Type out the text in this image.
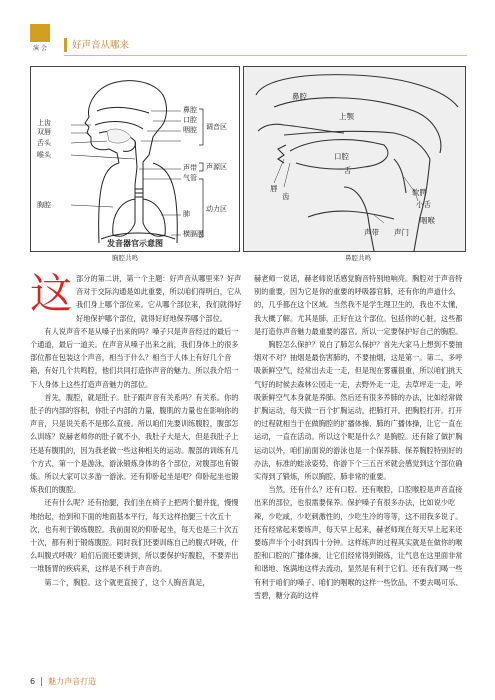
演 会	好声音从哪来
上齿
双唇
舌头
喉头
胸腔
鼻腔
口腔
咽腔
声带
气管
肺
横膈膜
调音区
声源区
动力区
发音器官示意图
鼻腔
上颚
唇
齿
口腔
舌
软腭
小舌
咽喉
声门
声带
胸腔共鸣	鼻腔共鸣

这 部分的第二讲，第一个主题：好声音从哪里来？好声音对于交际沟通是如此重要，所以咱们得明白，它从我们身上哪个部位来。它从哪个部位来，我们就得好好地保护哪个部位，就得好好地保养哪个部位。

有人说声音不是从嗓子出来的吗？嗓子只是声音经过的最后一个通道，最后一道关。在声音从嗓子出来之前，我们身体上的很多部位都在包装这个声音，相当于什么？相当于人体上有好几个音箱，有好几个共鸣腔，他们共同打造你声音的魅力。所以我介绍一下人身体上这些打造声音魅力的部位。

首先，腹腔，就是肚子。肚子跟声音有关系吗？有关系。你的肚子的内部的容积，你肚子内部的力量，腹肌的力量也在影响你的声音，只是说关系不是那么直接。所以咱们先要训练腹腔，腹部怎么训练？说赫老师你的肚子就不小，我肚子大是大，但是我肚子上还是有腹肌的，因为我老做一些这种相关的运动。腹部的训练有几个方式，第一个是游泳，游泳锻炼身体的各个部位，对腹部也有锻炼。所以大家可以多游一游泳。还有仰卧起坐是吧？仰卧起坐也锻炼我们的腹腔。

还有什么呢？还有抬腿，我们坐在椅子上把两个腿并拢，慢慢地抬起，抬到和下面的地面基本平行，每天这样抬腿三十次五十次，也有利于锻炼腹腔。我前面说的仰卧起坐，每天也是三十次五十次，都有利于锻炼腹腔。同时我们还要训练自己的腹式呼吸，什么叫腹式呼吸？咱们后面还要讲到，所以要保护好腹腔，不要弄出一堆肠胃的疾病来，这样是不利于声音的。

第二个，胸腔。这个就更直接了，这个人胸音真足，

赫老师一说话，赫老师说话感觉胸音特别地响亮。胸腔对于声音特别的重要，因为它是你的重要的呼吸器官肺，还有你的声道什么的，几乎都在这个区域。当然我不是学生理卫生的，我也不太懂，我大概了解。尤其是肺，正好在这个部位。包括你的心脏，这些都是打造你声音魅力最重要的器官。所以一定要保护好自己的胸腔。

胸腔怎么保护？说白了肺怎么保护？首先大家马上想到不要抽烟对不对？抽烟是最伤害肺的，不要抽烟，这是第一。第二，多呼吸新鲜空气，经常出去走一走，但是现在雾霾很重，所以咱们挑天气好的时候去森林公园走一走，去野外走一走，去草坪走一走，呼吸新鲜空气本身就是养肺。然后还有很多养肺的办法，比如经常做扩胸运动，每天做一百个扩胸运动，把肺打开，把胸腔打开。打开的过程就相当于在做胸腔的扩播体操、肺的广播体操，让它一直在运动，一直在活动。所以这个呢是什么？是胸腔。还有除了做扩胸运动以外，咱们前面说的游泳也是一个保养肺、保养胸腔特别好的办法，标准的蛙泳姿势，你游下个三五百米就会感觉到这个部位确实得到了锻炼，所以胸腔、肺非常的重要。

当然，还有什么？还有口腔。还有喉腔，口腔喉腔是声音直接出来的部位，也很需要保养。保护嗓子有很多办法，比如说少吃辣，少吃咸，少吃刺激性的，少吃生冷的等等，这不用我多说了。还有经常起来要练声，每天早上起来，赫老师现在每天早上起来还要练声半个小时到四十分钟。这样练声的过程其实就是在做你的喉腔和口腔的广播体操，让它们经常得到锻炼，让气息在这里面非常和谐地、饱满地这样去流动，显然是有利于它们。还有我们喝一些有利于咱们的嗓子、咱们的咽喉的这样一些饮品，不要去喝可乐、雪碧，糖分高的这样

6 魅力声音打造
